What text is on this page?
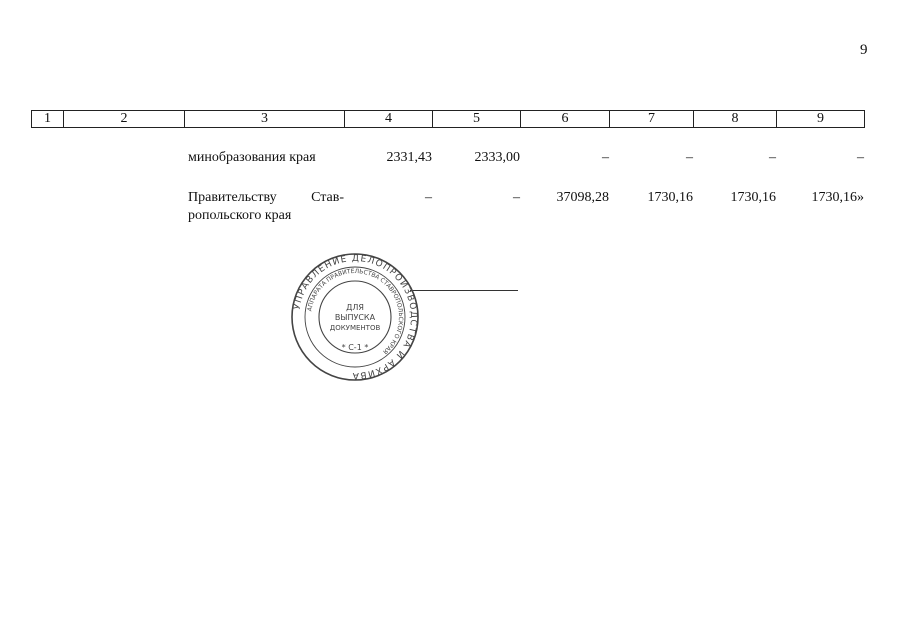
9
1	2	3	4	5	6	7	8	9
		минобразования края	2331,43	2333,00	–	–	–	–
		Правительству Став-ропольского края	–	–	37098,28	1730,16	1730,16	1730,16»
УПРАВЛЕНИЕ ДЕЛОПРОИЗВОДСТВА И АРХИВА
АППАРАТА ПРАВИТЕЛЬСТВА СТАВРОПОЛЬСКОГО КРАЯ
ДЛЯ
ВЫПУСКА
ДОКУМЕНТОВ
* С-1 *
